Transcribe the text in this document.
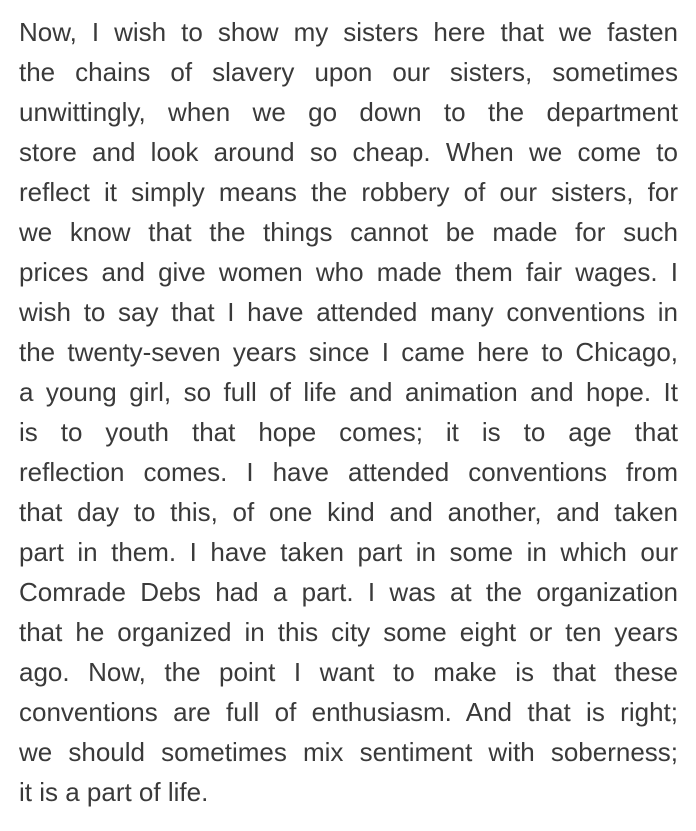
Now, I wish to show my sisters here that we fasten
the chains of slavery upon our sisters, sometimes
unwittingly, when we go down to the department
store and look around so cheap. When we come to
reflect it simply means the robbery of our sisters, for
we know that the things cannot be made for such
prices and give women who made them fair wages. I
wish to say that I have attended many conventions in
the twenty-seven years since I came here to Chicago,
a young girl, so full of life and animation and hope. It
is to youth that hope comes; it is to age that
reflection comes. I have attended conventions from
that day to this, of one kind and another, and taken
part in them. I have taken part in some in which our
Comrade Debs had a part. I was at the organization
that he organized in this city some eight or ten years
ago. Now, the point I want to make is that these
conventions are full of enthusiasm. And that is right;
we should sometimes mix sentiment with soberness;
it is a part of life.
